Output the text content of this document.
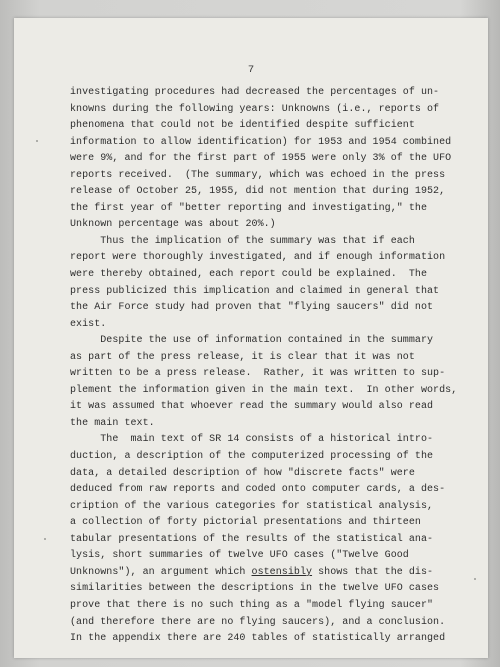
7
investigating procedures had decreased the percentages of un-
knowns during the following years: Unknowns (i.e., reports of
phenomena that could not be identified despite sufficient
information to allow identification) for 1953 and 1954 combined
were 9%, and for the first part of 1955 were only 3% of the UFO
reports received.  (The summary, which was echoed in the press
release of October 25, 1955, did not mention that during 1952,
the first year of "better reporting and investigating," the
Unknown percentage was about 20%.)
Thus the implication of the summary was that if each
report were thoroughly investigated, and if enough information
were thereby obtained, each report could be explained.  The
press publicized this implication and claimed in general that
the Air Force study had proven that "flying saucers" did not
exist.
Despite the use of information contained in the summary
as part of the press release, it is clear that it was not
written to be a press release.  Rather, it was written to sup-
plement the information given in the main text.  In other words,
it was assumed that whoever read the summary would also read
the main text.
The  main text of SR 14 consists of a historical intro-
duction, a description of the computerized processing of the
data, a detailed description of how "discrete facts" were
deduced from raw reports and coded onto computer cards, a des-
cription of the various categories for statistical analysis,
a collection of forty pictorial presentations and thirteen
tabular presentations of the results of the statistical ana-
lysis, short summaries of twelve UFO cases ("Twelve Good
Unknowns"), an argument which ostensibly shows that the dis-
similarities between the descriptions in the twelve UFO cases
prove that there is no such thing as a "model flying saucer"
(and therefore there are no flying saucers), and a conclusion.
In the appendix there are 240 tables of statistically arranged
